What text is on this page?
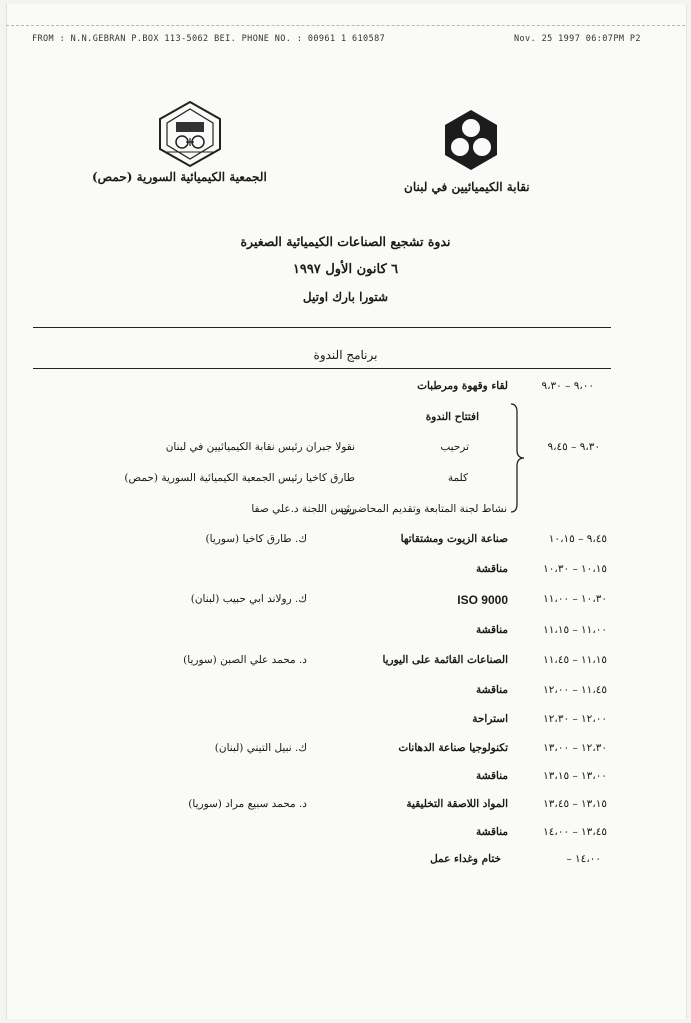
FROM : N.N.GEBRAN P.BOX 113-5062 BEI. PHONE NO. : 00961 1 610587	Nov. 25 1997 06:07PM P2
الجمعية الكيميائية السورية (حمص)
نقابة الكيميائيين في لبنان
ندوة تشجيع الصناعات الكيميائية الصغيرة
٦ كانون الأول ١٩٩٧
شتورا بارك اوتيل
برنامج الندوة
٩،٠٠ – ٩،٣٠
لقاء وقهوة ومرطبات
افتتاح الندوة
ترحيب
كلمة
نشاط لجنة المتابعة وتقديم المحاضرين
٩،٣٠ – ٩،٤٥
نقولا جبران رئيس نقابة الكيميائيين في لبنان
طارق كاخيا رئيس الجمعية الكيميائية السورية (حمص)
رئيس اللجنة د.علي صفا
٩،٤٥ – ١٠،١٥
صناعة الزيوت ومشتقاتها
ك. طارق كاخيا (سوريا)
١٠،١٥ – ١٠،٣٠
مناقشة
١٠،٣٠ – ١١،٠٠
ISO 9000
ك. رولاند ابي حبيب (لبنان)
١١،٠٠ – ١١،١٥
مناقشة
١١،١٥ – ١١،٤٥
الصناعات القائمة على اليوريا
د. محمد علي الصبن (سوريا)
١١،٤٥ – ١٢،٠٠
مناقشة
١٢،٠٠ – ١٢،٣٠
استراحة
١٢،٣٠ – ١٣،٠٠
تكنولوجيا صناعة الدهانات
ك. نبيل التيني (لبنان)
١٣،٠٠ – ١٣،١٥
مناقشة
١٣،١٥ – ١٣،٤٥
المواد اللاصقة التخليقية
د. محمد سبيع مراد (سوريا)
١٣،٤٥ – ١٤،٠٠
مناقشة
١٤،٠٠ –
ختام وغداء عمل
